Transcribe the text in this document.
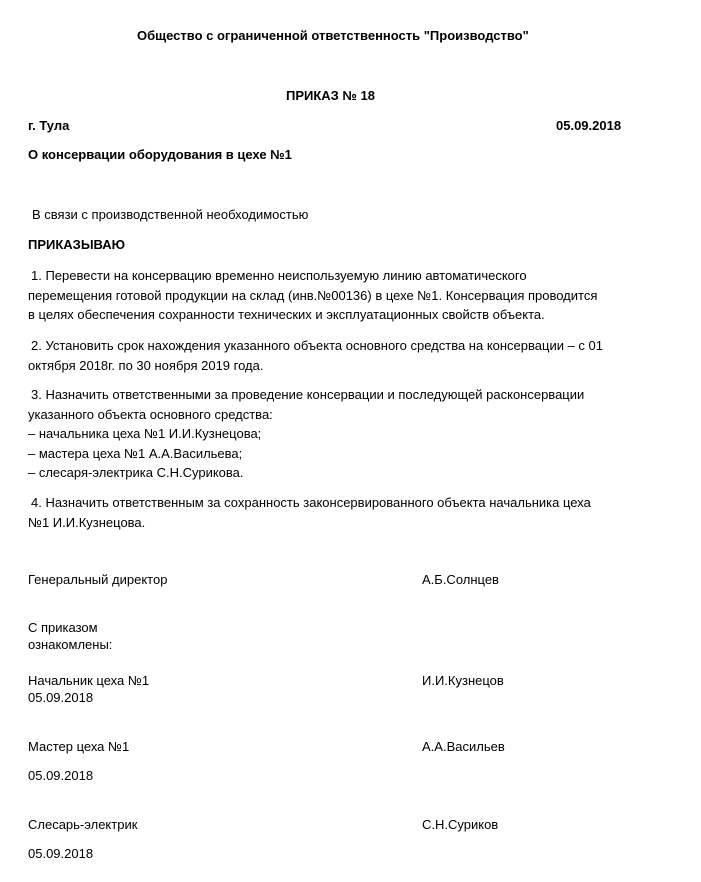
Общество с ограниченной ответственность "Производство"
ПРИКАЗ № 18
г. Тула	05.09.2018
О консервации оборудования в цехе №1
В связи с производственной необходимостью
ПРИКАЗЫВАЮ
1. Перевести на консервацию временно неиспользуемую линию автоматического
перемещения готовой продукции на склад (инв.№00136) в цехе №1. Консервация проводится
в целях обеспечения сохранности технических и эксплуатационных свойств объекта.
2. Установить срок нахождения указанного объекта основного средства на консервации – с 01
октября 2018г. по 30 ноября 2019 года.
3. Назначить ответственными за проведение консервации и последующей расконсервации
указанного объекта основного средства:
– начальника цеха №1 И.И.Кузнецова;
– мастера цеха №1 А.А.Васильева;
– слесаря-электрика С.Н.Сурикова.
4. Назначить ответственным за сохранность законсервированного объекта начальника цеха
№1 И.И.Кузнецова.
Генеральный директор	А.Б.Солнцев
С приказом
ознакомлены:
Начальник цеха №1	И.И.Кузнецов
05.09.2018
Мастер цеха №1	А.А.Васильев
05.09.2018
Слесарь-электрик	С.Н.Суриков
05.09.2018
